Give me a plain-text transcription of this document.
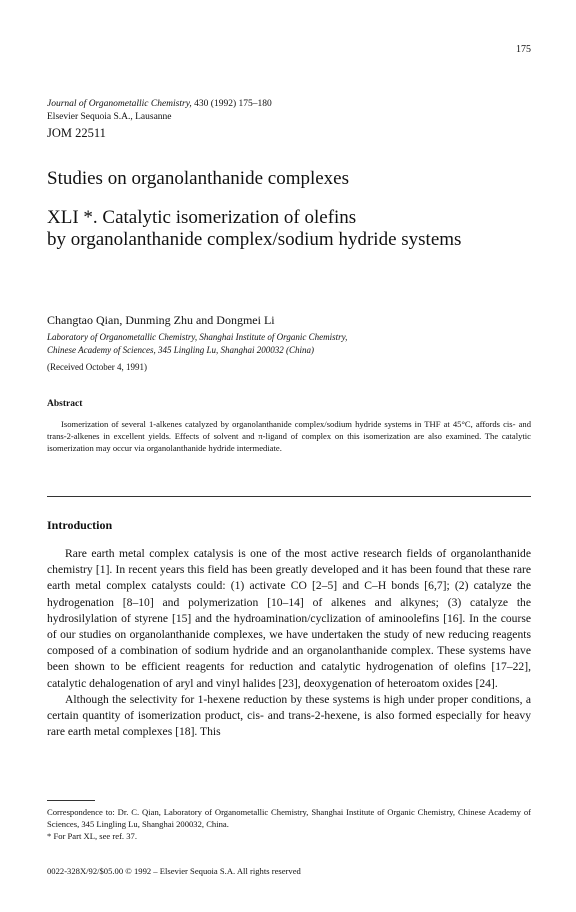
175
Journal of Organometallic Chemistry, 430 (1992) 175–180
Elsevier Sequoia S.A., Lausanne
JOM 22511
Studies on organolanthanide complexes
XLI *. Catalytic isomerization of olefins
by organolanthanide complex/sodium hydride systems
Changtao Qian, Dunming Zhu and Dongmei Li
Laboratory of Organometallic Chemistry, Shanghai Institute of Organic Chemistry,
Chinese Academy of Sciences, 345 Lingling Lu, Shanghai 200032 (China)
(Received October 4, 1991)
Abstract
Isomerization of several 1-alkenes catalyzed by organolanthanide complex/sodium hydride systems in THF at 45°C, affords cis- and trans-2-alkenes in excellent yields. Effects of solvent and π-ligand of complex on this isomerization are also examined. The catalytic isomerization may occur via organolanthanide hydride intermediate.
Introduction

Rare earth metal complex catalysis is one of the most active research fields of organolanthanide chemistry [1]. In recent years this field has been greatly developed and it has been found that these rare earth metal complex catalysts could: (1) activate CO [2–5] and C–H bonds [6,7]; (2) catalyze the hydrogenation [8–10] and polymerization [10–14] of alkenes and alkynes; (3) catalyze the hydrosilylation of styrene [15] and the hydroamination/cyclization of aminoolefins [16]. In the course of our studies on organolanthanide complexes, we have undertaken the study of new reducing reagents composed of a combination of sodium hydride and an organolanthanide complex. These systems have been shown to be efficient reagents for reduction and catalytic hydrogenation of olefins [17–22], catalytic dehalogenation of aryl and vinyl halides [23], deoxygenation of heteroatom oxides [24].

Although the selectivity for 1-hexene reduction by these systems is high under proper conditions, a certain quantity of isomerization product, cis- and trans-2-hexene, is also formed especially for heavy rare earth metal complexes [18]. This

Correspondence to: Dr. C. Qian, Laboratory of Organometallic Chemistry, Shanghai Institute of Organic Chemistry, Chinese Academy of Sciences, 345 Lingling Lu, Shanghai 200032, China.
* For Part XL, see ref. 37.
0022-328X/92/$05.00 © 1992 – Elsevier Sequoia S.A. All rights reserved
